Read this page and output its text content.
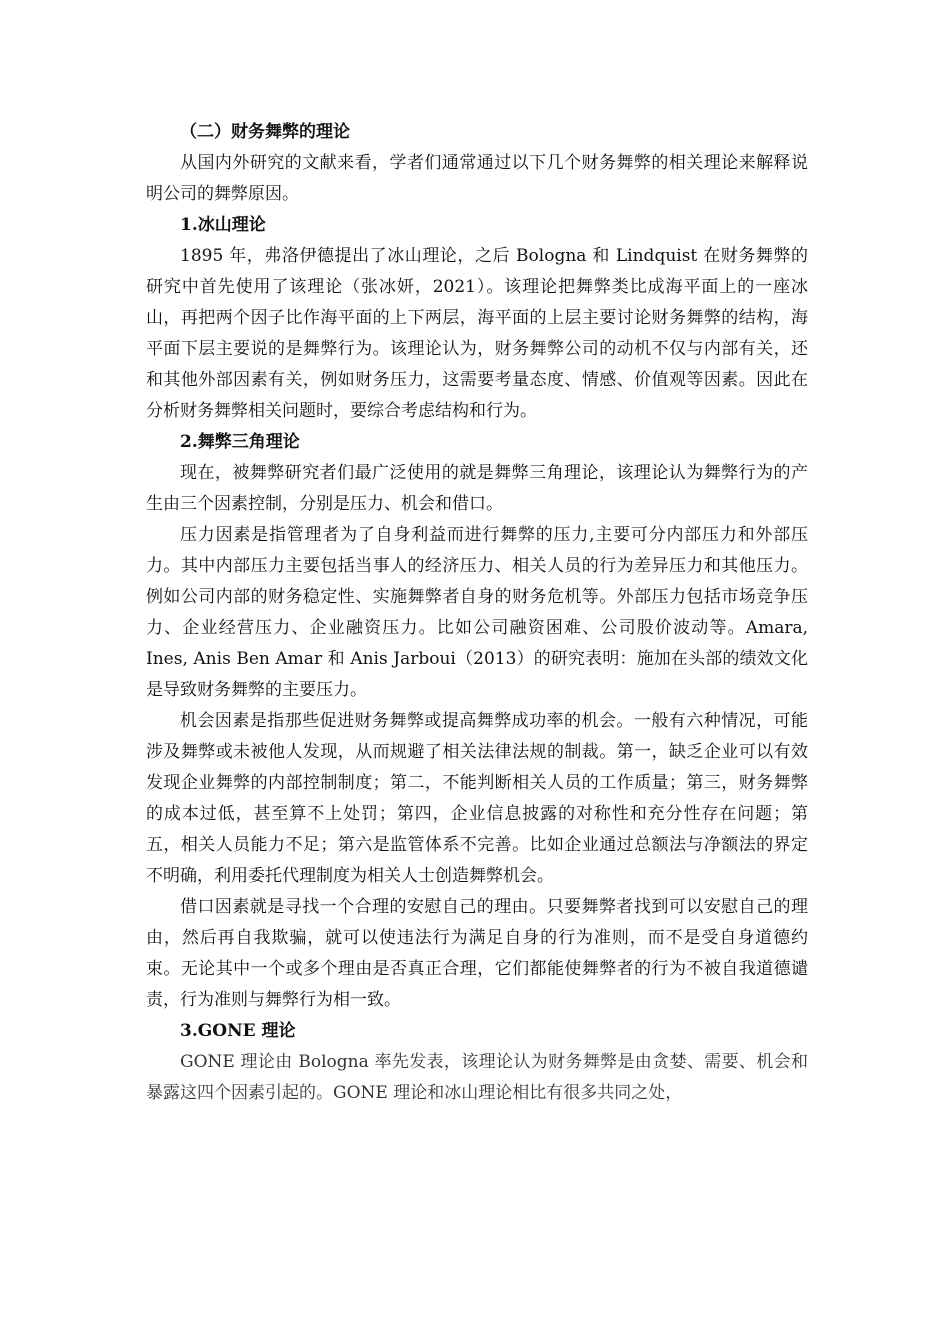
（二）财务舞弊的理论

从国内外研究的文献来看，学者们通常通过以下几个财务舞弊的相关理论来解释说明公司的舞弊原因。

1.冰山理论

1895 年，弗洛伊德提出了冰山理论，之后 Bologna 和 Lindquist 在财务舞弊的研究中首先使用了该理论（张冰妍，2021）。该理论把舞弊类比成海平面上的一座冰山，再把两个因子比作海平面的上下两层，海平面的上层主要讨论财务舞弊的结构，海平面下层主要说的是舞弊行为。该理论认为，财务舞弊公司的动机不仅与内部有关，还和其他外部因素有关，例如财务压力，这需要考量态度、情感、价值观等因素。因此在分析财务舞弊相关问题时，要综合考虑结构和行为。

2.舞弊三角理论

现在，被舞弊研究者们最广泛使用的就是舞弊三角理论，该理论认为舞弊行为的产生由三个因素控制，分别是压力、机会和借口。

压力因素是指管理者为了自身利益而进行舞弊的压力,主要可分内部压力和外部压力。其中内部压力主要包括当事人的经济压力、相关人员的行为差异压力和其他压力。例如公司内部的财务稳定性、实施舞弊者自身的财务危机等。外部压力包括市场竞争压力、企业经营压力、企业融资压力。比如公司融资困难、公司股价波动等。Amara, Ines, Anis Ben Amar 和 Anis Jarboui（2013）的研究表明：施加在头部的绩效文化是导致财务舞弊的主要压力。

机会因素是指那些促进财务舞弊或提高舞弊成功率的机会。一般有六种情况，可能涉及舞弊或未被他人发现，从而规避了相关法律法规的制裁。第一，缺乏企业可以有效发现企业舞弊的内部控制制度；第二，不能判断相关人员的工作质量；第三，财务舞弊的成本过低，甚至算不上处罚；第四，企业信息披露的对称性和充分性存在问题；第五，相关人员能力不足；第六是监管体系不完善。比如企业通过总额法与净额法的界定不明确，利用委托代理制度为相关人士创造舞弊机会。

借口因素就是寻找一个合理的安慰自己的理由。只要舞弊者找到可以安慰自己的理由，然后再自我欺骗，就可以使违法行为满足自身的行为准则，而不是受自身道德约束。无论其中一个或多个理由是否真正合理，它们都能使舞弊者的行为不被自我道德谴责，行为准则与舞弊行为相一致。

3.GONE 理论

GONE 理论由 Bologna 率先发表，该理论认为财务舞弊是由贪婪、需要、机会和暴露这四个因素引起的。GONE 理论和冰山理论相比有很多共同之处，
